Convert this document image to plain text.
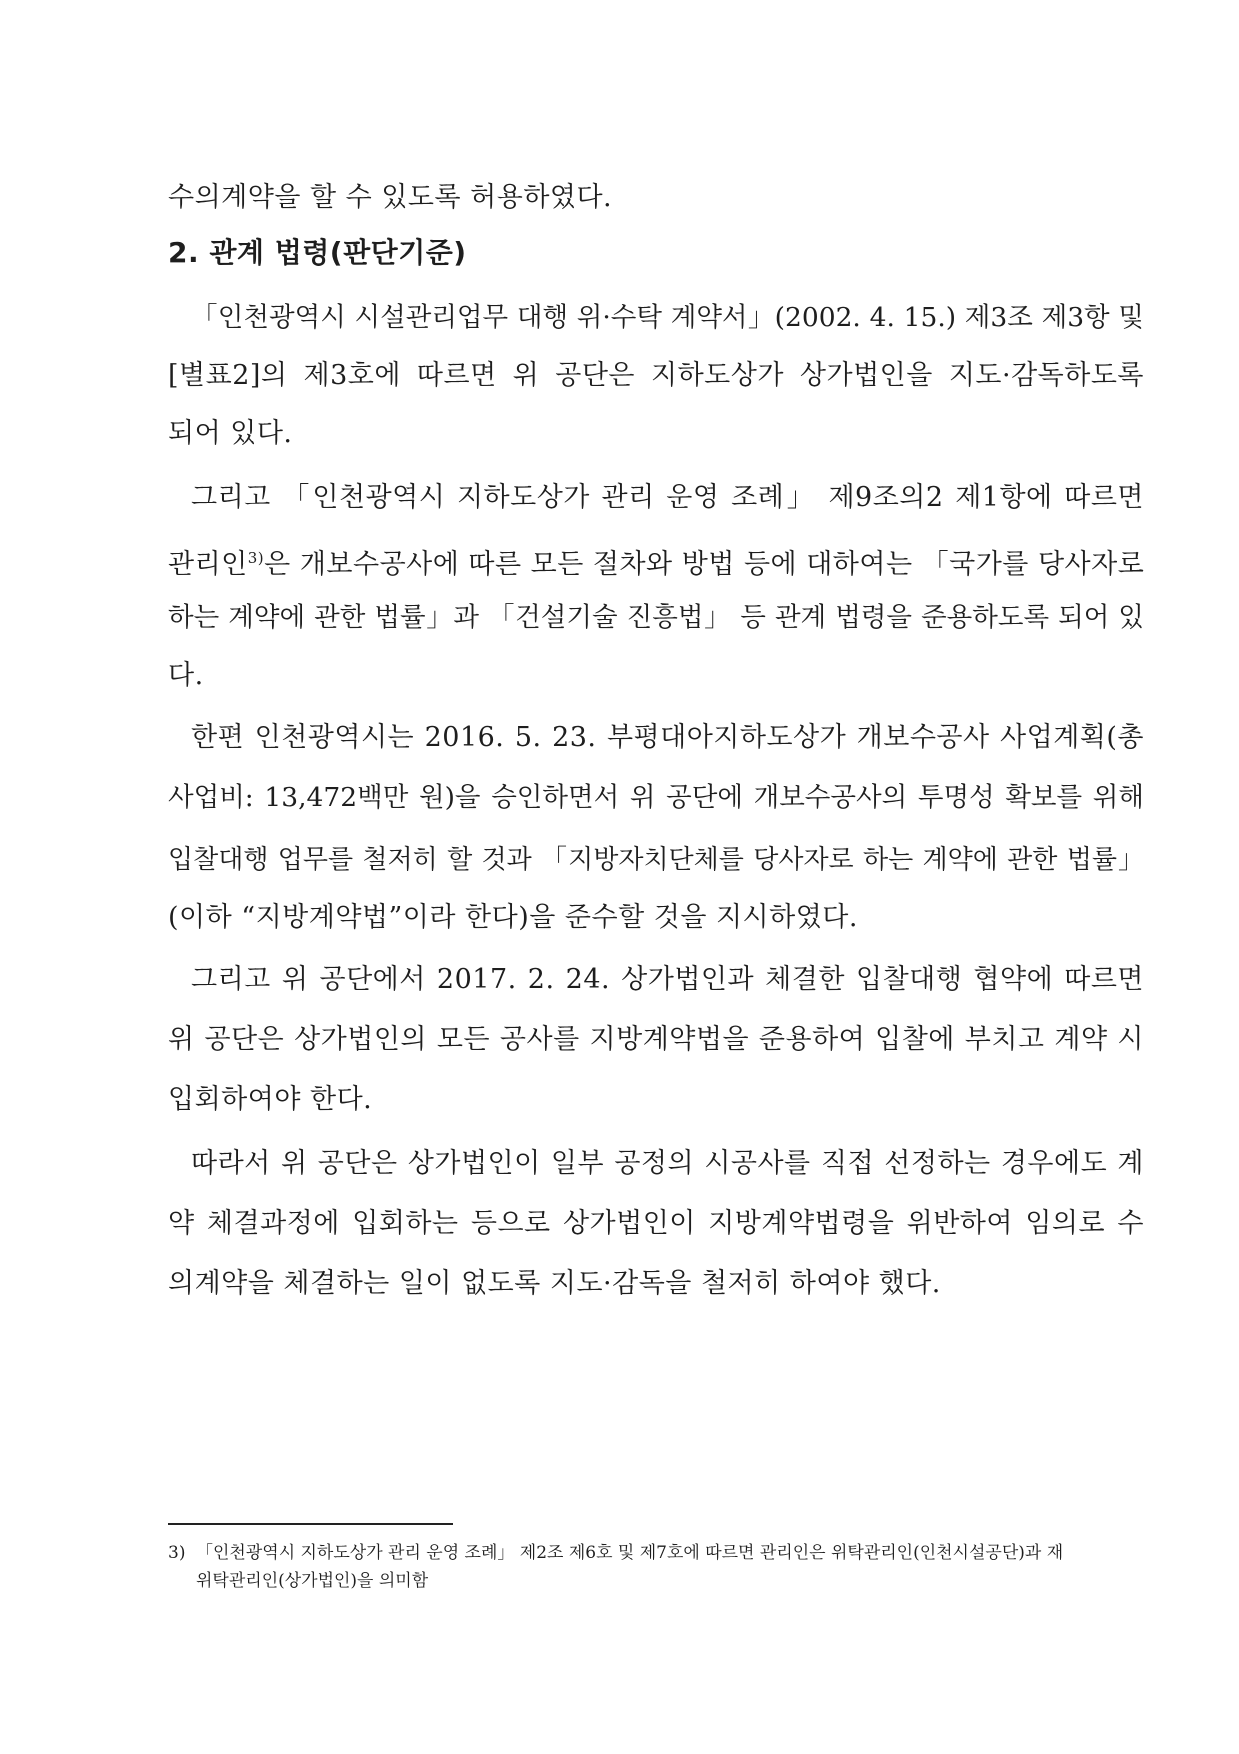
수의계약을 할 수 있도록 허용하였다.
2. 관계 법령(판단기준)
「인천광역시 시설관리업무 대행 위·수탁 계약서」(2002. 4. 15.) 제3조 제3항 및
[별표2]의 제3호에 따르면 위 공단은 지하도상가 상가법인을 지도·감독하도록
되어 있다.
그리고 「인천광역시 지하도상가 관리 운영 조례」 제9조의2 제1항에 따르면
관리인$^{3)}$은 개보수공사에 따른 모든 절차와 방법 등에 대하여는 「국가를 당사자로
하는 계약에 관한 법률」과 「건설기술 진흥법」 등 관계 법령을 준용하도록 되어 있
다.
한편 인천광역시는 2016. 5. 23. 부평대아지하도상가 개보수공사 사업계획(총
사업비: 13,472백만 원)을 승인하면서 위 공단에 개보수공사의 투명성 확보를 위해
입찰대행 업무를 철저히 할 것과 「지방자치단체를 당사자로 하는 계약에 관한 법률」
(이하 “지방계약법”이라 한다)을 준수할 것을 지시하였다.
그리고 위 공단에서 2017. 2. 24. 상가법인과 체결한 입찰대행 협약에 따르면
위 공단은 상가법인의 모든 공사를 지방계약법을 준용하여 입찰에 부치고 계약 시
입회하여야 한다.
따라서 위 공단은 상가법인이 일부 공정의 시공사를 직접 선정하는 경우에도 계
약 체결과정에 입회하는 등으로 상가법인이 지방계약법령을 위반하여 임의로 수
의계약을 체결하는 일이 없도록 지도·감독을 철저히 하여야 했다.
3) 「인천광역시 지하도상가 관리 운영 조례」 제2조 제6호 및 제7호에 따르면 관리인은 위탁관리인(인천시설공단)과 재
위탁관리인(상가법인)을 의미함
